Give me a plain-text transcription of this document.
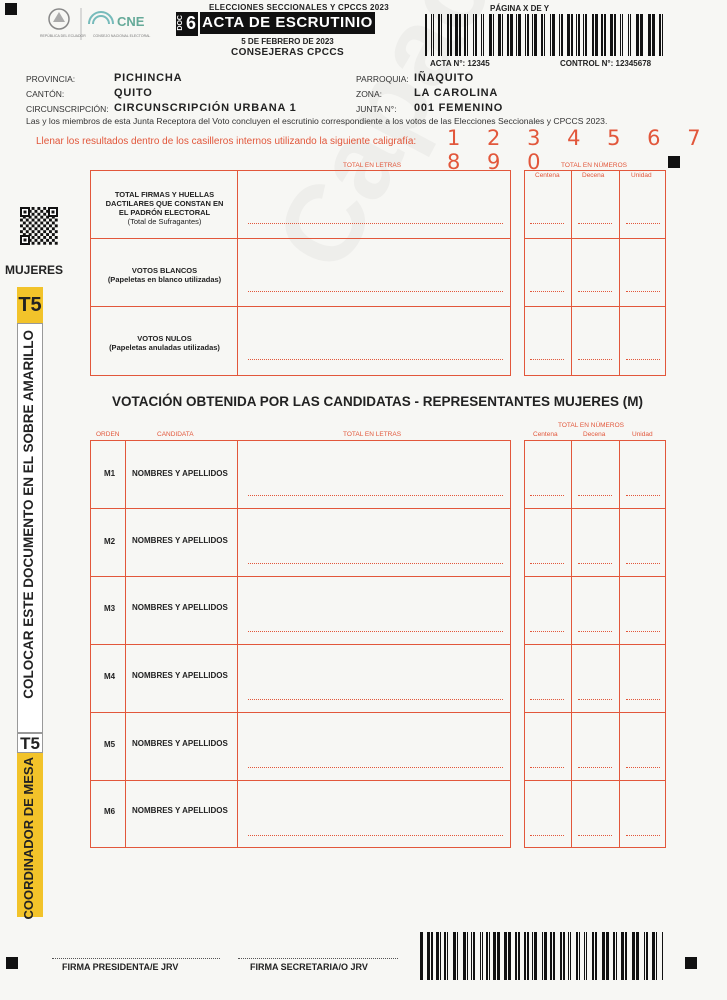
REPÚBLICA DEL ECUADOR
CNE
CONSEJO NACIONAL ELECTORAL
ELECCIONES SECCIONALES Y CPCCS 2023
DOC 6 ACTA DE ESCRUTINIO
5 DE FEBRERO DE 2023
CONSEJERAS CPCCS
PÁGINA X DE Y
ACTA N°: 12345	CONTROL N°: 12345678
PROVINCIA:	PICHINCHA
CANTÓN:	QUITO
CIRCUNSCRIPCIÓN: CIRCUNSCRIPCIÓN URBANA 1
PARROQUIA: IÑAQUITO
ZONA:	LA CAROLINA
JUNTA N°: 001 FEMENINO
Las y los miembros de esta Junta Receptora del Voto concluyen el escrutinio correspondiente a los votos de las Elecciones Seccionales y CPCCS 2023.
Llenar los resultados dentro de los casilleros internos utilizando la siguiente caligrafía: 1 2 3 4 5 6 7 8 9 0
MUJERES
T5
COLOCAR ESTE DOCUMENTO EN EL SOBRE AMARILLO
T5
COORDINADOR DE MESA
TOTAL EN LETRAS	TOTAL EN NÚMEROS
Centena	Decena	Unidad
TOTAL FIRMAS Y HUELLAS
DACTILARES QUE CONSTAN EN
EL PADRÓN ELECTORAL
(Total de Sufragantes)
VOTOS BLANCOS
(Papeletas en blanco utilizadas)
VOTOS NULOS
(Papeletas anuladas utilizadas)
VOTACIÓN OBTENIDA POR LAS CANDIDATAS - REPRESENTANTES MUJERES (M)
ORDEN	CANDIDATA	TOTAL EN LETRAS
TOTAL EN NÚMEROS
Centena	Decena	Unidad
M1 NOMBRES Y APELLIDOS
M2 NOMBRES Y APELLIDOS
M3 NOMBRES Y APELLIDOS
M4 NOMBRES Y APELLIDOS
M5 NOMBRES Y APELLIDOS
M6 NOMBRES Y APELLIDOS
FIRMA PRESIDENTA/E JRV	FIRMA SECRETARIA/O JRV
